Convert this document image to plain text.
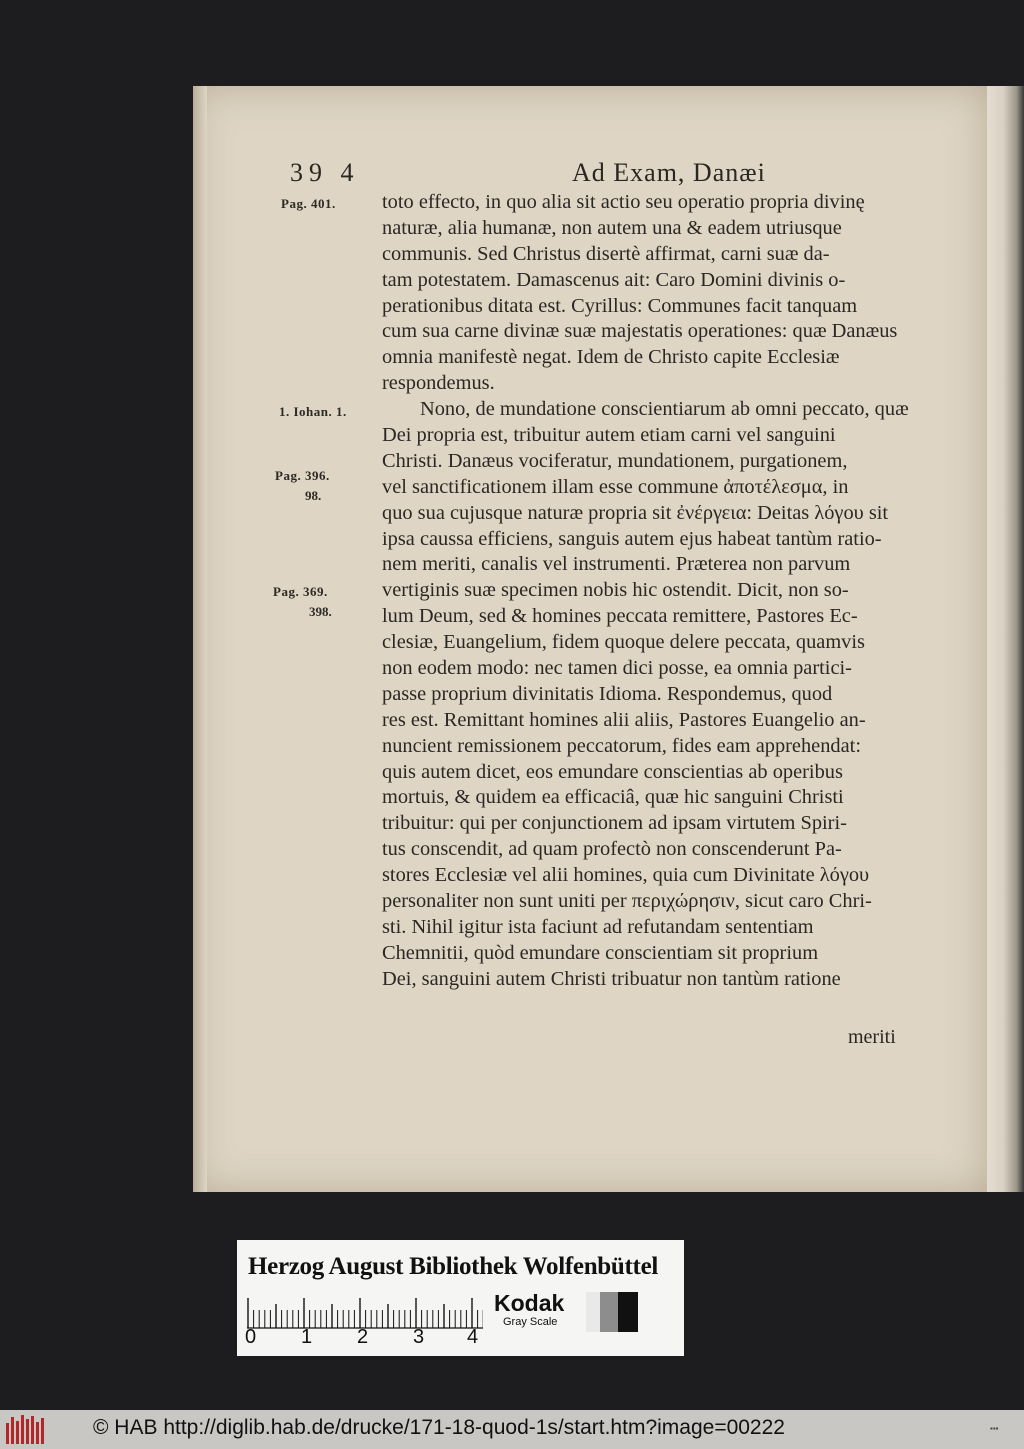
39 4	Ad Exam, Danæi
Pag. 401.
1. Iohan. 1.
Pag. 396.
98.
Pag. 369.
398.
toto effecto, in quo alia sit actio seu operatio propria divinę
naturæ, alia humanæ, non autem una & eadem utriusque
communis. Sed Christus disertè affirmat, carni suæ da-
tam potestatem. Damascenus ait: Caro Domini divinis o-
perationibus ditata est. Cyrillus: Communes facit tanquam
cum sua carne divinæ suæ majestatis operationes: quæ Danæus
omnia manifestè negat. Idem de Christo capite Ecclesiæ
respondemus.
Nono, de mundatione conscientiarum ab omni peccato, quæ
Dei propria est, tribuitur autem etiam carni vel sanguini
Christi. Danæus vociferatur, mundationem, purgationem,
vel sanctificationem illam esse commune ἀποτέλεσμα, in
quo sua cujusque naturæ propria sit ἐνέργεια: Deitas λόγου sit
ipsa caussa efficiens, sanguis autem ejus habeat tantùm ratio-
nem meriti, canalis vel instrumenti. Præterea non parvum
vertiginis suæ specimen nobis hic ostendit. Dicit, non so-
lum Deum, sed & homines peccata remittere, Pastores Ec-
clesiæ, Euangelium, fidem quoque delere peccata, quamvis
non eodem modo: nec tamen dici posse, ea omnia partici-
passe proprium divinitatis Idioma. Respondemus, quod
res est. Remittant homines alii aliis, Pastores Euangelio an-
nuncient remissionem peccatorum, fides eam apprehendat:
quis autem dicet, eos emundare conscientias ab operibus
mortuis, & quidem ea efficaciâ, quæ hic sanguini Christi
tribuitur: qui per conjunctionem ad ipsam virtutem Spiri-
tus conscendit, ad quam profectò non conscenderunt Pa-
stores Ecclesiæ vel alii homines, quia cum Divinitate λόγου
personaliter non sunt uniti per περιχώρησιν, sicut caro Chri-
sti. Nihil igitur ista faciunt ad refutandam sententiam
Chemnitii, quòd emundare conscientiam sit proprium
Dei, sanguini autem Christi tribuatur non tantùm ratione
meriti
Herzog August Bibliothek Wolfenbüttel
0 1 2 3 4
Kodak
Gray Scale
© HAB http://diglib.hab.de/drucke/171-18-quod-1s/start.htm?image=00222	▪▪▪
